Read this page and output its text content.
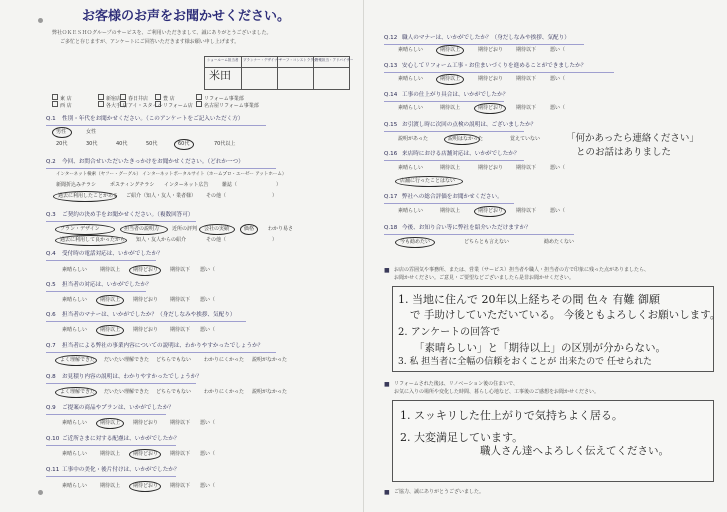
お客様のお声をお聞かせください。
弊社ＯＫＥＳＨＯグループのサービスを、ご利用いただきまして、誠にありがとうございました。
ご多忙と存じますが、アンケートにご回答いただきます様お願い申し上げます。
ショールーム担当者 プランナー・デザイナー
チーフ・コンストラクター
営業担当・アドバイザー
米田
東 店
西 店
新宿店
各大手 店
春日井店
アイ・スタイル
豊 店
リフォーム店
リフォーム事業部
名古屋リフォーム事業部
Q.1 性別・年代をお聞かせください。（このアンケートをご記入いただく方）
男性	女性
20代	30代	40代	50代	60代	70代以上
Q.2 今回、お問合せいただいたきっかけをお聞かせください。（どれか一つ）
インターネット検索（ヤフー・グーグル） インターネットポータルサイト（ホームプロ・エーゼー アットホーム）
新聞折込みチラシ	ポスティングチラシ インターネット広告	雑誌（	）
過去に利用したことがある ご紹介（知人・友人・業者様） その他（	）
Q.3 ご契約の決め手をお聞かせください。（複数回答可）
プラン・デザイン	担当者の説明力	近所の評判 会社の実績	価格	わかり易さ
過去に利用して良かったから 知人・友人からの紹介	その他（	）
Q.4 受付時の電話対応は、いかがでしたか？
素晴らしい	期待以上	期待どおり 期待以下 悪い（
Q.5 担当者の対応は、いかがでしたか？
素晴らしい	期待以上	期待どおり 期待以下 悪い（
Q.6 担当者のマナーは、いかがでしたか？（身だしなみや挨拶、気配り）
素晴らしい	期待以上	期待どおり 期待以下 悪い（
Q.7 担当者による弊社の事業内容についての説明は、わかりやすかったでしょうか？
よく理解できた だいたい理解できた どちらでもない	わかりにくかった 説明がなかった
Q.8 お見積り内容の説明は、わかりやすかったでしょうか？
よく理解できた だいたい理解できた どちらでもない	わかりにくかった 説明がなかった
Q.9 ご提案の商品やプランは、いかがでしたか？
素晴らしい	期待以上	期待どおり 期待以下 悪い（
Q.10 ご近所さまに対する配慮は、いかがでしたか？
素晴らしい	期待以上	期待どおり 期待以下 悪い（
Q.11 工事中の美化・後片付けは、いかがでしたか？
素晴らしい	期待以上	期待どおり 期待以下 悪い（
Q.12 職人のマナーは、いかがでしたか？（身だしなみや挨拶、気配り）
素晴らしい	期待以上	期待どおり	期待以下	悪い（
Q.13 安心してリフォーム工事・お住まいづくりを進めることができましたか？
素晴らしい	期待以上	期待どおり	期待以下	悪い（
Q.14 工事の仕上がり具合は、いかがでしたか？
素晴らしい	期待以上	期待どおり	期待以下	悪い（
Q.15 お引渡し時に次回の点検の説明は、ございましたか？
説明があった	説明はなかった	覚えていない	「何かあったら連絡ください」
とのお話はありました
Q.16 来店時における店舗対応は、いかがでしたか？
素晴らしい	期待以上	期待どおり	期待以下	悪い（
店舗に行ったことはない
Q.17 弊社への総合評価をお聞かせください。
素晴らしい	期待以上	期待どおり	期待以下	悪い（
Q.18 今後、お知り合い等に弊社を紹介いただけますか？
今も勧めたい	どちらとも言えない	勧めたくない
■ お店の雰囲気や事務所、または、営業（サービス）担当者や職人・担当者の方で印象に残った点がありましたら、
お聞かせください。ご意見・ご要望などございましたら是非お聞かせください。
1. 当地に住んで 20年以上経ちその間 色々 有難 御願
で 手助けしていただいている。 今後ともよろしくお願いします。
2. アンケートの回答で
「素晴らしい」と「期待以上」の区別が分からない。
3. 私 担当者に全幅の信頼をおくことが 出来たので 任せられた
■ リフォームされた後は、リノベーション後の住まいで、
お気に入りの場所や変化した時間、暮らし心地など、工事後のご感想をお聞かせください。
1. スッキリした仕上がりで気持ちよく居る。
2. 大変満足しています。
職人さん達へよろしく伝えてください。
■ ご協力、誠にありがとうございました。
